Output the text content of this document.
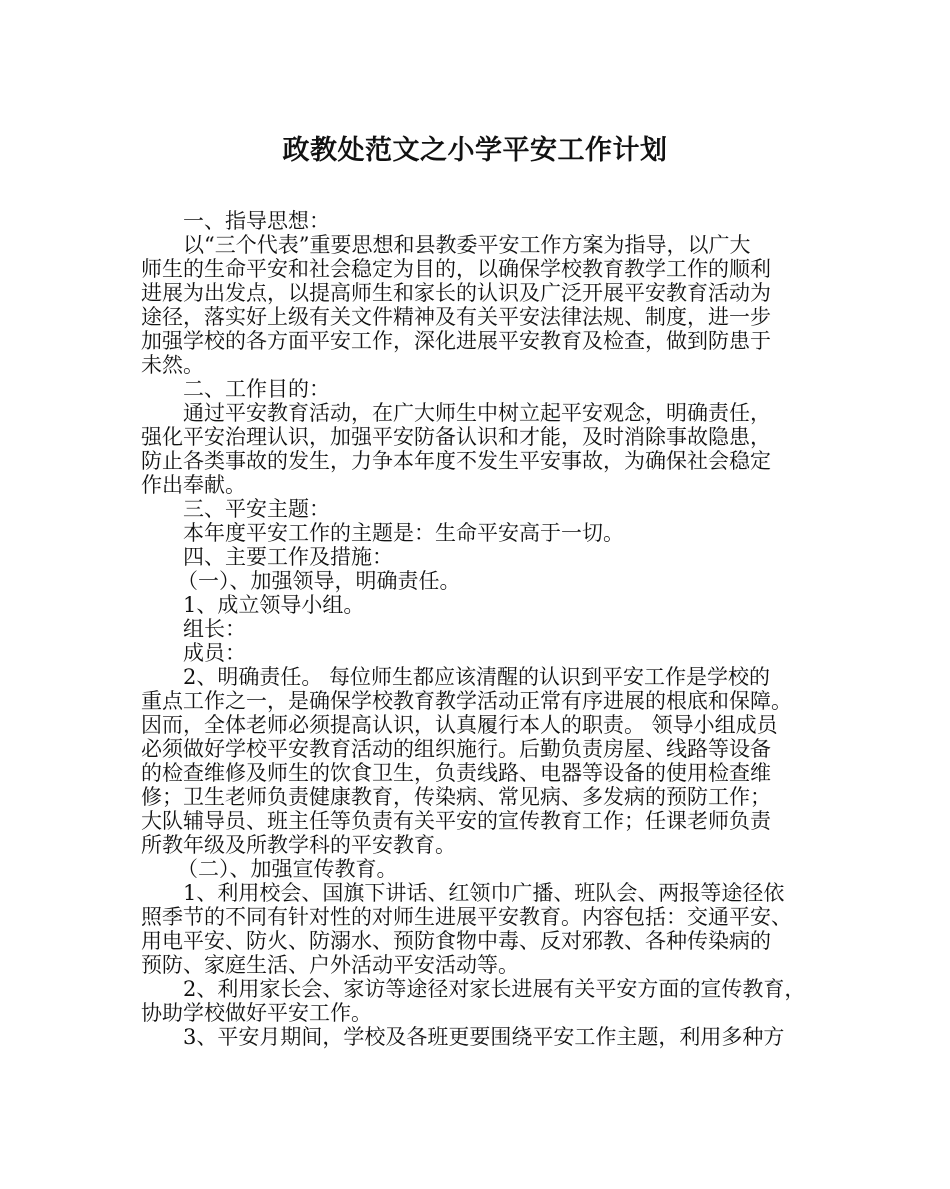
政教处范文之小学平安工作计划
一、指导思想：
以“三个代表”重要思想和县教委平安工作方案为指导，以广大
师生的生命平安和社会稳定为目的，以确保学校教育教学工作的顺利
进展为出发点，以提高师生和家长的认识及广泛开展平安教育活动为
途径，落实好上级有关文件精神及有关平安法律法规、制度，进一步
加强学校的各方面平安工作，深化进展平安教育及检查，做到防患于
未然。
二、工作目的：
通过平安教育活动，在广大师生中树立起平安观念，明确责任，
强化平安治理认识，加强平安防备认识和才能，及时消除事故隐患，
防止各类事故的发生，力争本年度不发生平安事故，为确保社会稳定
作出奉献。
三、平安主题：
本年度平安工作的主题是：生命平安高于一切。
四、主要工作及措施：
（一）、加强领导，明确责任。
1、成立领导小组。
组长：
成员：
2、明确责任。 每位师生都应该清醒的认识到平安工作是学校的
重点工作之一，是确保学校教育教学活动正常有序进展的根底和保障。
因而，全体老师必须提高认识，认真履行本人的职责。 领导小组成员
必须做好学校平安教育活动的组织施行。后勤负责房屋、线路等设备
的检查维修及师生的饮食卫生，负责线路、电器等设备的使用检查维
修；卫生老师负责健康教育，传染病、常见病、多发病的预防工作；
大队辅导员、班主任等负责有关平安的宣传教育工作；任课老师负责
所教年级及所教学科的平安教育。
（二）、加强宣传教育。
1、利用校会、国旗下讲话、红领巾广播、班队会、两报等途径依
照季节的不同有针对性的对师生进展平安教育。内容包括：交通平安、
用电平安、防火、防溺水、预防食物中毒、反对邪教、各种传染病的
预防、家庭生活、户外活动平安活动等。
2、利用家长会、家访等途径对家长进展有关平安方面的宣传教育，
协助学校做好平安工作。
3、平安月期间，学校及各班更要围绕平安工作主题，利用多种方
